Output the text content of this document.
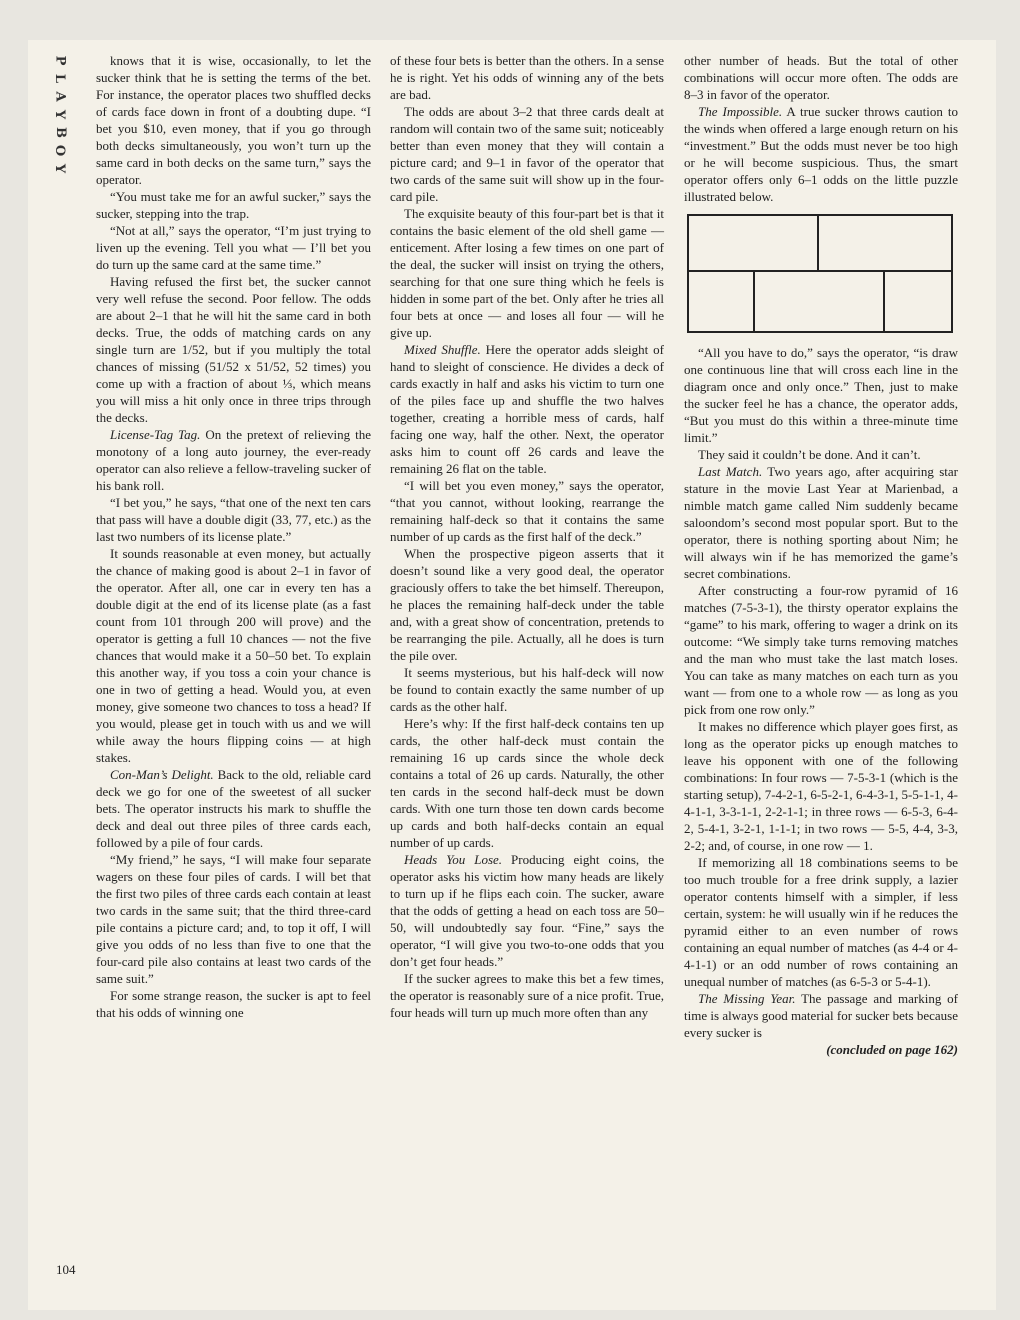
P
L
A
Y
B
O
Y

knows that it is wise, occasionally, to let the sucker think that he is setting the terms of the bet. For instance, the operator places two shuffled decks of cards face down in front of a doubting dupe. “I bet you $10, even money, that if you go through both decks simultaneously, you won’t turn up the same card in both decks on the same turn,” says the operator.

“You must take me for an awful sucker,” says the sucker, stepping into the trap.

“Not at all,” says the operator, “I’m just trying to liven up the evening. Tell you what — I’ll bet you do turn up the same card at the same time.”

Having refused the first bet, the sucker cannot very well refuse the second. Poor fellow. The odds are about 2–1 that he will hit the same card in both decks. True, the odds of matching cards on any single turn are 1/52, but if you multiply the total chances of missing (51/52 x 51/52, 52 times) you come up with a fraction of about ⅓, which means you will miss a hit only once in three trips through the decks.

License-Tag Tag. On the pretext of relieving the monotony of a long auto journey, the ever-ready operator can also relieve a fellow-traveling sucker of his bank roll.

“I bet you,” he says, “that one of the next ten cars that pass will have a double digit (33, 77, etc.) as the last two numbers of its license plate.”

It sounds reasonable at even money, but actually the chance of making good is about 2–1 in favor of the operator. After all, one car in every ten has a double digit at the end of its license plate (as a fast count from 101 through 200 will prove) and the operator is getting a full 10 chances — not the five chances that would make it a 50–50 bet. To explain this another way, if you toss a coin your chance is one in two of getting a head. Would you, at even money, give someone two chances to toss a head? If you would, please get in touch with us and we will while away the hours flipping coins — at high stakes.

Con-Man’s Delight. Back to the old, reliable card deck we go for one of the sweetest of all sucker bets. The operator instructs his mark to shuffle the deck and deal out three piles of three cards each, followed by a pile of four cards.

“My friend,” he says, “I will make four separate wagers on these four piles of cards. I will bet that the first two piles of three cards each contain at least two cards in the same suit; that the third three-card pile contains a picture card; and, to top it off, I will give you odds of no less than five to one that the four-card pile also contains at least two cards of the same suit.”

For some strange reason, the sucker is apt to feel that his odds of winning one

of these four bets is better than the others. In a sense he is right. Yet his odds of winning any of the bets are bad.

The odds are about 3–2 that three cards dealt at random will contain two of the same suit; noticeably better than even money that they will contain a picture card; and 9–1 in favor of the operator that two cards of the same suit will show up in the four-card pile.

The exquisite beauty of this four-part bet is that it contains the basic element of the old shell game — enticement. After losing a few times on one part of the deal, the sucker will insist on trying the others, searching for that one sure thing which he feels is hidden in some part of the bet. Only after he tries all four bets at once — and loses all four — will he give up.

Mixed Shuffle. Here the operator adds sleight of hand to sleight of conscience. He divides a deck of cards exactly in half and asks his victim to turn one of the piles face up and shuffle the two halves together, creating a horrible mess of cards, half facing one way, half the other. Next, the operator asks him to count off 26 cards and leave the remaining 26 flat on the table.

“I will bet you even money,” says the operator, “that you cannot, without looking, rearrange the remaining half-deck so that it contains the same number of up cards as the first half of the deck.”

When the prospective pigeon asserts that it doesn’t sound like a very good deal, the operator graciously offers to take the bet himself. Thereupon, he places the remaining half-deck under the table and, with a great show of concentration, pretends to be rearranging the pile. Actually, all he does is turn the pile over.

It seems mysterious, but his half-deck will now be found to contain exactly the same number of up cards as the other half.

Here’s why: If the first half-deck contains ten up cards, the other half-deck must contain the remaining 16 up cards since the whole deck contains a total of 26 up cards. Naturally, the other ten cards in the second half-deck must be down cards. With one turn those ten down cards become up cards and both half-decks contain an equal number of up cards.

Heads You Lose. Producing eight coins, the operator asks his victim how many heads are likely to turn up if he flips each coin. The sucker, aware that the odds of getting a head on each toss are 50–50, will undoubtedly say four. “Fine,” says the operator, “I will give you two-to-one odds that you don’t get four heads.”

If the sucker agrees to make this bet a few times, the operator is reasonably sure of a nice profit. True, four heads will turn up much more often than any

other number of heads. But the total of other combinations will occur more often. The odds are 8–3 in favor of the operator.

The Impossible. A true sucker throws caution to the winds when offered a large enough return on his “investment.” But the odds must never be too high or he will become suspicious. Thus, the smart operator offers only 6–1 odds on the little puzzle illustrated below.

“All you have to do,” says the operator, “is draw one continuous line that will cross each line in the diagram once and only once.” Then, just to make the sucker feel he has a chance, the operator adds, “But you must do this within a three-minute time limit.”

They said it couldn’t be done. And it can’t.

Last Match. Two years ago, after acquiring star stature in the movie Last Year at Marienbad, a nimble match game called Nim suddenly became saloondom’s second most popular sport. But to the operator, there is nothing sporting about Nim; he will always win if he has memorized the game’s secret combinations.

After constructing a four-row pyramid of 16 matches (7-5-3-1), the thirsty operator explains the “game” to his mark, offering to wager a drink on its outcome: “We simply take turns removing matches and the man who must take the last match loses. You can take as many matches on each turn as you want — from one to a whole row — as long as you pick from one row only.”

It makes no difference which player goes first, as long as the operator picks up enough matches to leave his opponent with one of the following combinations: In four rows — 7-5-3-1 (which is the starting setup), 7-4-2-1, 6-5-2-1, 6-4-3-1, 5-5-1-1, 4-4-1-1, 3-3-1-1, 2-2-1-1; in three rows — 6-5-3, 6-4-2, 5-4-1, 3-2-1, 1-1-1; in two rows — 5-5, 4-4, 3-3, 2-2; and, of course, in one row — 1.

If memorizing all 18 combinations seems to be too much trouble for a free drink supply, a lazier operator contents himself with a simpler, if less certain, system: he will usually win if he reduces the pyramid either to an even number of rows containing an equal number of matches (as 4-4 or 4-4-1-1) or an odd number of rows containing an unequal number of matches (as 6-5-3 or 5-4-1).

The Missing Year. The passage and marking of time is always good material for sucker bets because every sucker is

(concluded on page 162)

104
